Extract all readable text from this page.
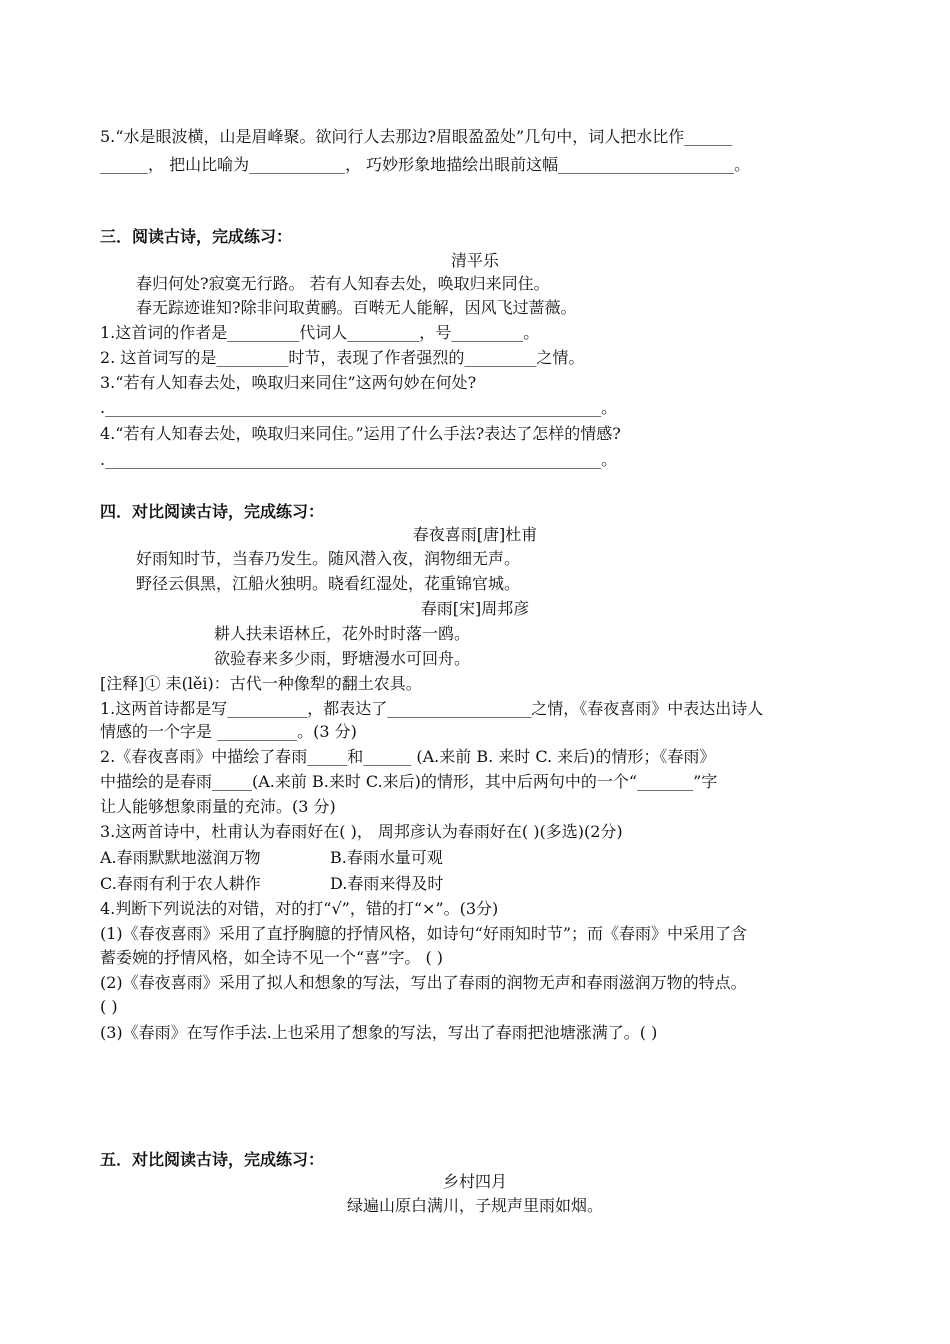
5.“水是眼波横，山是眉峰聚。欲问行人去那边?眉眼盈盈处”几句中，词人把水比作______
______， 把山比喻为____________， 巧妙形象地描绘出眼前这幅______________________。
三．阅读古诗，完成练习：
清平乐
春归何处?寂寞无行路。 若有人知春去处，唤取归来同住。
春无踪迹谁知?除非问取黄鹂。百啭无人能解，因风飞过蔷薇。
1.这首词的作者是_________代词人_________，号_________。
2. 这首词写的是_________时节，表现了作者强烈的_________之情。
3.“若有人知春去处，唤取归来同住”这两句妙在何处?
.______________________________________________________________。
4.“若有人知春去处，唤取归来同住。”运用了什么手法?表达了怎样的情感?
.______________________________________________________________。
四．对比阅读古诗，完成练习：
春夜喜雨[唐]杜甫
好雨知时节，当春乃发生。随风潜入夜，润物细无声。
野径云俱黑，江船火独明。晓看红湿处，花重锦官城。
春雨[宋]周邦彦
耕人扶耒语林丘，花外时时落一鸥。
欲验春来多少雨，野塘漫水可回舟。
[注释]① 耒(lěi)：古代一种像犁的翻土农具。
1.这两首诗都是写__________，都表达了__________________之情，《春夜喜雨》中表达出诗人
情感的一个字是 __________。(3 分)
2.《春夜喜雨》中描绘了春雨_____和______ (A.来前 B. 来时 C. 来后)的情形；《春雨》
中描绘的是春雨_____(A.来前 B.来时 C.来后)的情形，其中后两句中的一个“_______”字
让人能够想象雨量的充沛。(3 分)
3.这两首诗中，杜甫认为春雨好在( )， 周邦彦认为春雨好在( )(多选)(2分)
A.春雨默默地滋润万物	B.春雨水量可观
C.春雨有利于农人耕作	D.春雨来得及时
4.判断下列说法的对错，对的打“√”，错的打“×”。(3分)
(1)《春夜喜雨》采用了直抒胸臆的抒情风格，如诗句“好雨知时节”；而《春雨》中采用了含
蓄委婉的抒情风格，如全诗不见一个“喜”字。 ( )
(2)《春夜喜雨》采用了拟人和想象的写法，写出了春雨的润物无声和春雨滋润万物的特点。
( )
(3)《春雨》在写作手法.上也采用了想象的写法，写出了春雨把池塘涨满了。( )
五．对比阅读古诗，完成练习：
乡村四月
绿遍山原白满川，子规声里雨如烟。
